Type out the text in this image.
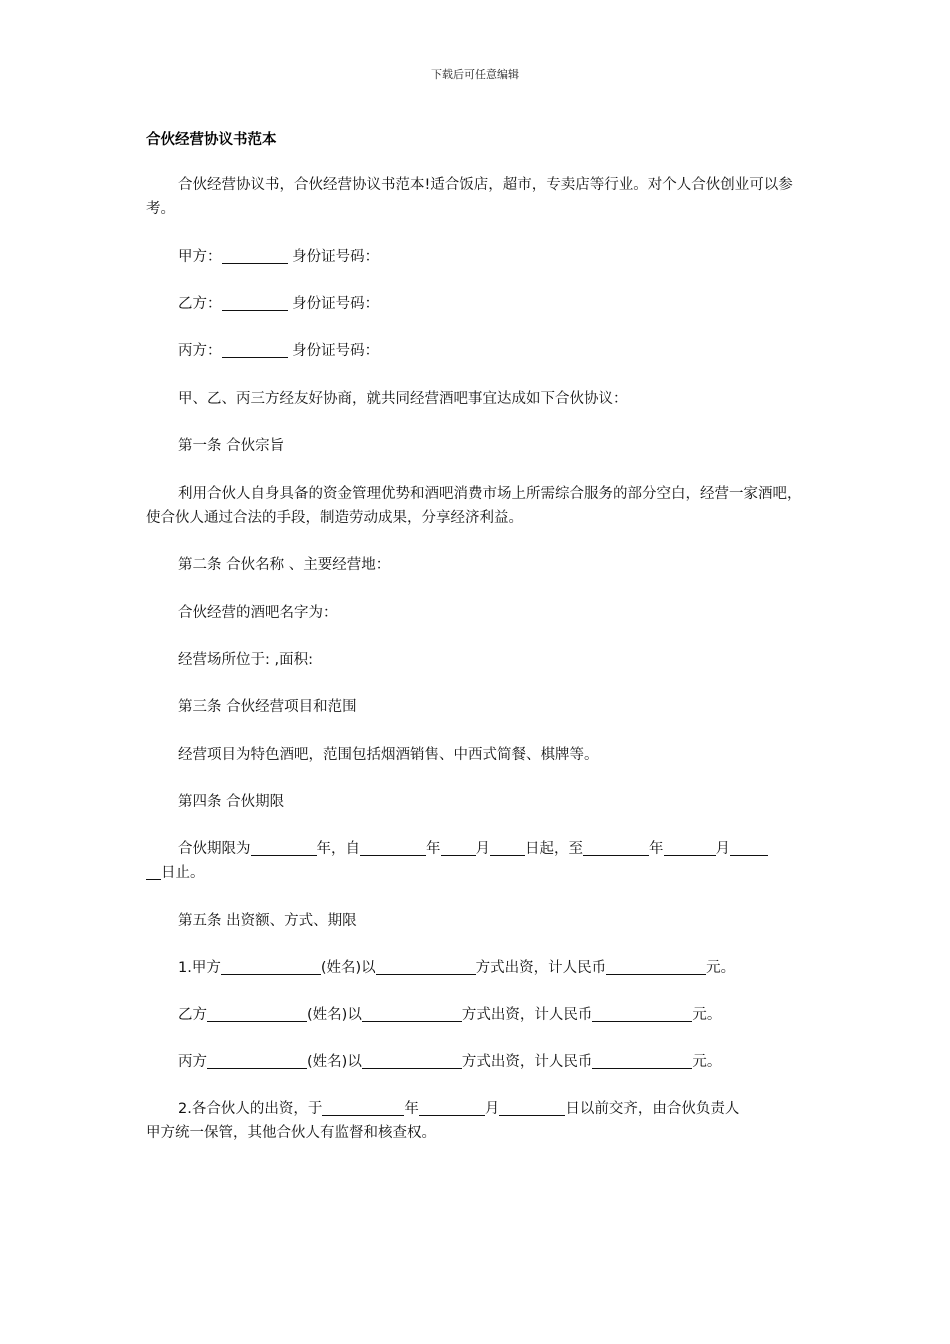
下载后可任意编辑
合伙经营协议书范本
合伙经营协议书，合伙经营协议书范本!适合饭店，超市，专卖店等行业。对个人合伙创业可以参考。
甲方：	身份证号码：
乙方：	身份证号码：
丙方：	身份证号码：
甲、乙、丙三方经友好协商，就共同经营酒吧事宜达成如下合伙协议：
第一条 合伙宗旨
利用合伙人自身具备的资金管理优势和酒吧消费市场上所需综合服务的部分空白，经营一家酒吧，使合伙人通过合法的手段，制造劳动成果，分享经济利益。
第二条 合伙名称 、主要经营地：
合伙经营的酒吧名字为：
经营场所位于: ,面积:
第三条 合伙经营项目和范围
经营项目为特色酒吧，范围包括烟酒销售、中西式简餐、棋牌等。
第四条 合伙期限
合伙期限为	年，自	年 月 日起，至	年	月
日止。
第五条 出资额、方式、期限
1.甲方	(姓名)以	方式出资，计人民币	元。
乙方	(姓名)以	方式出资，计人民币	元。
丙方	(姓名)以	方式出资，计人民币	元。
2.各合伙人的出资，于	年	月	日以前交齐，由合伙负责人
甲方统一保管，其他合伙人有监督和核查权。
